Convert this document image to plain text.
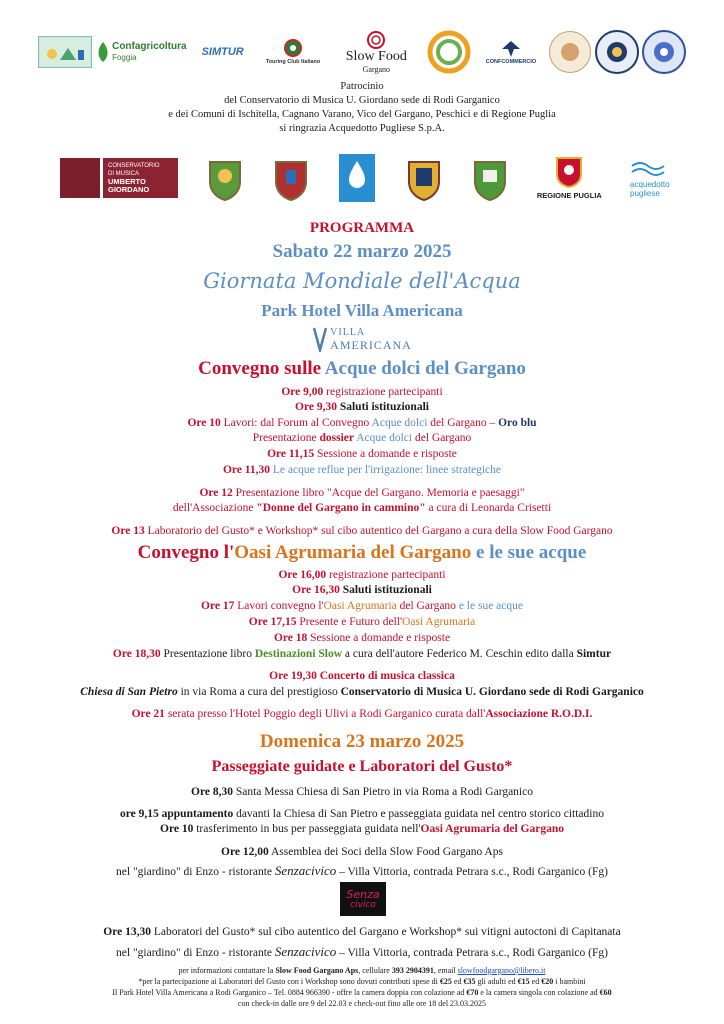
Confagricoltura
Foggia	SIMTUR
Touring Club Italiano Slow Food
Gargano
CONFCOMMERCIO
Patrocinio
del Conservatorio di Musica U. Giordano sede di Rodi Garganico
e dei Comuni di Ischitella, Cagnano Varano, Vico del Gargano, Peschici e di Regione Puglia
si ringrazia Acquedotto Pugliese S.p.A.
CONSERVATORIO
DI MUSICA
UMBERTO
GIORDANO
REGIONE PUGLIA
acquedotto
pugliese
PROGRAMMA
Sabato 22 marzo 2025
Giornata Mondiale dell'Acqua
Park Hotel Villa Americana
VILLA
AMERICANA
Convegno sulle Acque dolci del Gargano
Ore 9,00 registrazione partecipanti
Ore 9,30 Saluti istituzionali
Ore 10 Lavori: dal Forum al Convegno Acque dolci del Gargano – Oro blu
Presentazione dossier Acque dolci del Gargano
Ore 11,15 Sessione a domande e risposte
Ore 11,30 Le acque reflue per l'irrigazione: linee strategiche
Ore 12 Presentazione libro "Acque del Gargano. Memoria e paesaggi"
dell'Associazione "Donne del Gargano in cammino" a cura di Leonarda Crisetti
Ore 13 Laboratorio del Gusto* e Workshop* sul cibo autentico del Gargano a cura della Slow Food Gargano
Convegno l'Oasi Agrumaria del Gargano e le sue acque
Ore 16,00 registrazione partecipanti
Ore 16,30 Saluti istituzionali
Ore 17 Lavori convegno l'Oasi Agrumaria del Gargano e le sue acque
Ore 17,15 Presente e Futuro dell'Oasi Agrumaria
Ore 18 Sessione a domande e risposte
Ore 18,30 Presentazione libro Destinazioni Slow a cura dell'autore Federico M. Ceschin edito dalla Simtur
Ore 19,30 Concerto di musica classica
Chiesa di San Pietro in via Roma a cura del prestigioso Conservatorio di Musica U. Giordano sede di Rodi Garganico
Ore 21 serata presso l'Hotel Poggio degli Ulivi a Rodi Garganico curata dall'Associazione R.O.D.I.
Domenica 23 marzo 2025
Passeggiate guidate e Laboratori del Gusto*
Ore 8,30 Santa Messa Chiesa di San Pietro in via Roma a Rodi Garganico
ore 9,15 appuntamento davanti la Chiesa di San Pietro e passeggiata guidata nel centro storico cittadino
Ore 10 trasferimento in bus per passeggiata guidata nell'Oasi Agrumaria del Gargano
Ore 12,00 Assemblea dei Soci della Slow Food Gargano Aps
nel "giardino" di Enzo - ristorante Senzacivico – Villa Vittoria, contrada Petrara s.c., Rodi Garganico (Fg)
Senza
civico
Ore 13,30 Laboratori del Gusto* sul cibo autentico del Gargano e Workshop* sui vitigni autoctoni di Capitanata
nel "giardino" di Enzo - ristorante Senzacivico – Villa Vittoria, contrada Petrara s.c., Rodi Garganico (Fg)
per informazioni contattare la Slow Food Gargano Aps, cellulare 393 2904391, email slowfoodgargano@libero.it
*per la partecipazione ai Laboratori del Gusto con i Workshop sono dovuti contributi spese di €25 ed €35 gli adulti ed €15 ed €20 i bambini
Il Park Hotel Villa Americana a Rodi Garganico – Tel. 0884 966390 - offre la camera doppia con colazione ad €70 e la camera singola con colazione ad €60
con check-in dalle ore 9 del 22.03 e check-out fino alle ore 18 del 23.03.2025
